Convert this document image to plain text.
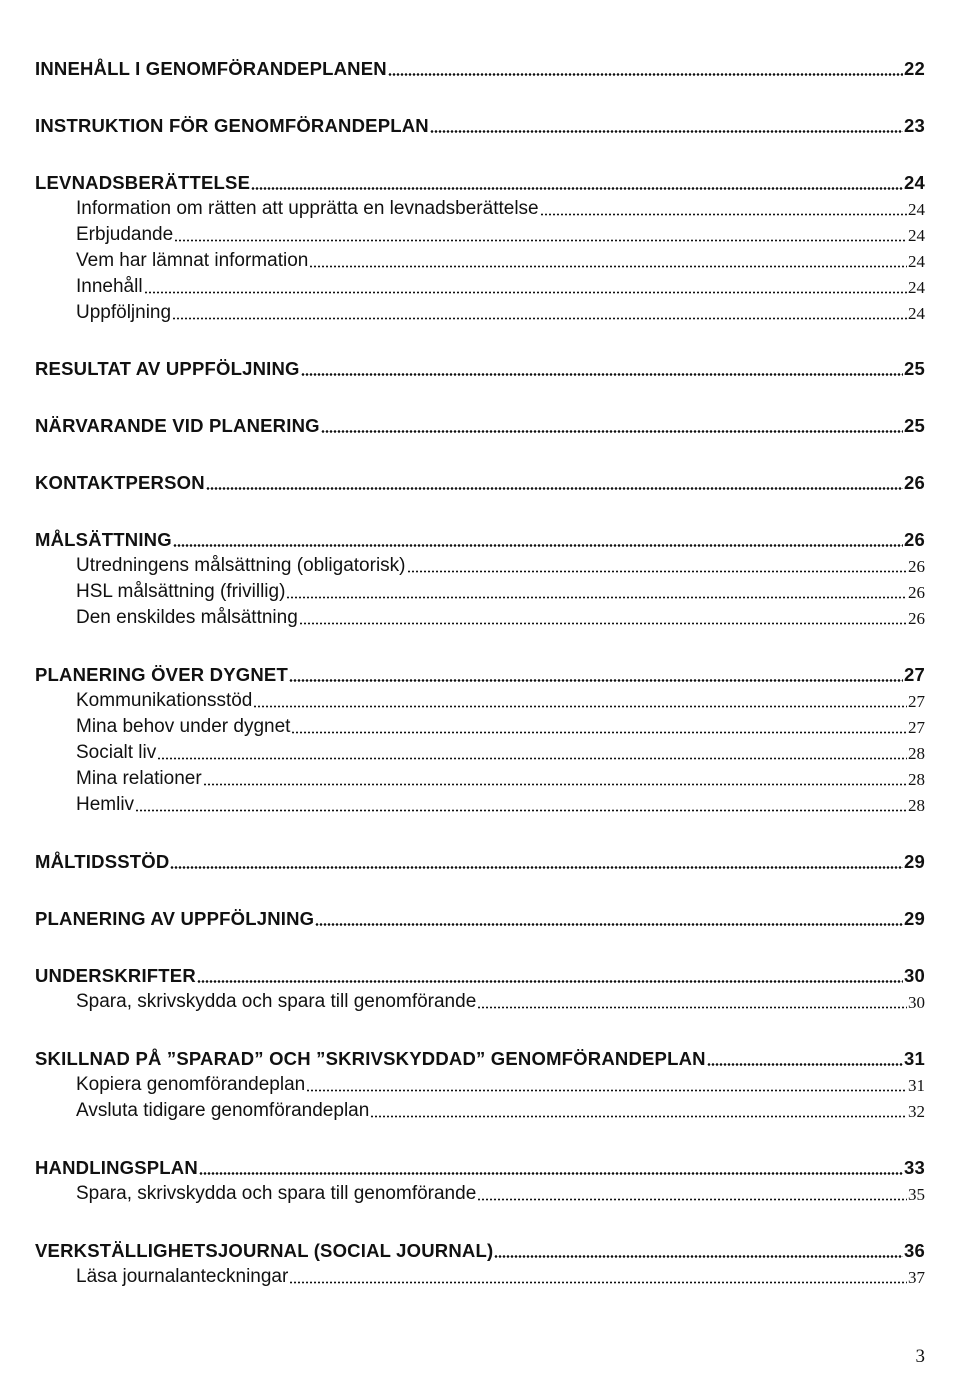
INNEHÅLL I GENOMFÖRANDEPLANEN	22
INSTRUKTION FÖR GENOMFÖRANDEPLAN	23
LEVNADSBERÄTTELSE	24
Information om rätten att upprätta en levnadsberättelse	24
Erbjudande	24
Vem har lämnat information	24
Innehåll	24
Uppföljning	24
RESULTAT AV UPPFÖLJNING	25
NÄRVARANDE VID PLANERING	25
KONTAKTPERSON	26
MÅLSÄTTNING	26
Utredningens målsättning (obligatorisk)	26
HSL målsättning (frivillig)	26
Den enskildes målsättning	26
PLANERING ÖVER DYGNET	27
Kommunikationsstöd	27
Mina behov under dygnet	27
Socialt liv	28
Mina relationer	28
Hemliv	28
MÅLTIDSSTÖD	29
PLANERING AV UPPFÖLJNING	29
UNDERSKRIFTER	30
Spara, skrivskydda och spara till genomförande	30
SKILLNAD PÅ ”SPARAD” OCH ”SKRIVSKYDDAD” GENOMFÖRANDEPLAN	31
Kopiera genomförandeplan	31
Avsluta tidigare genomförandeplan	32
HANDLINGSPLAN	33
Spara, skrivskydda och spara till genomförande	35
VERKSTÄLLIGHETSJOURNAL (SOCIAL JOURNAL)	36
Läsa journalanteckningar	37
3
